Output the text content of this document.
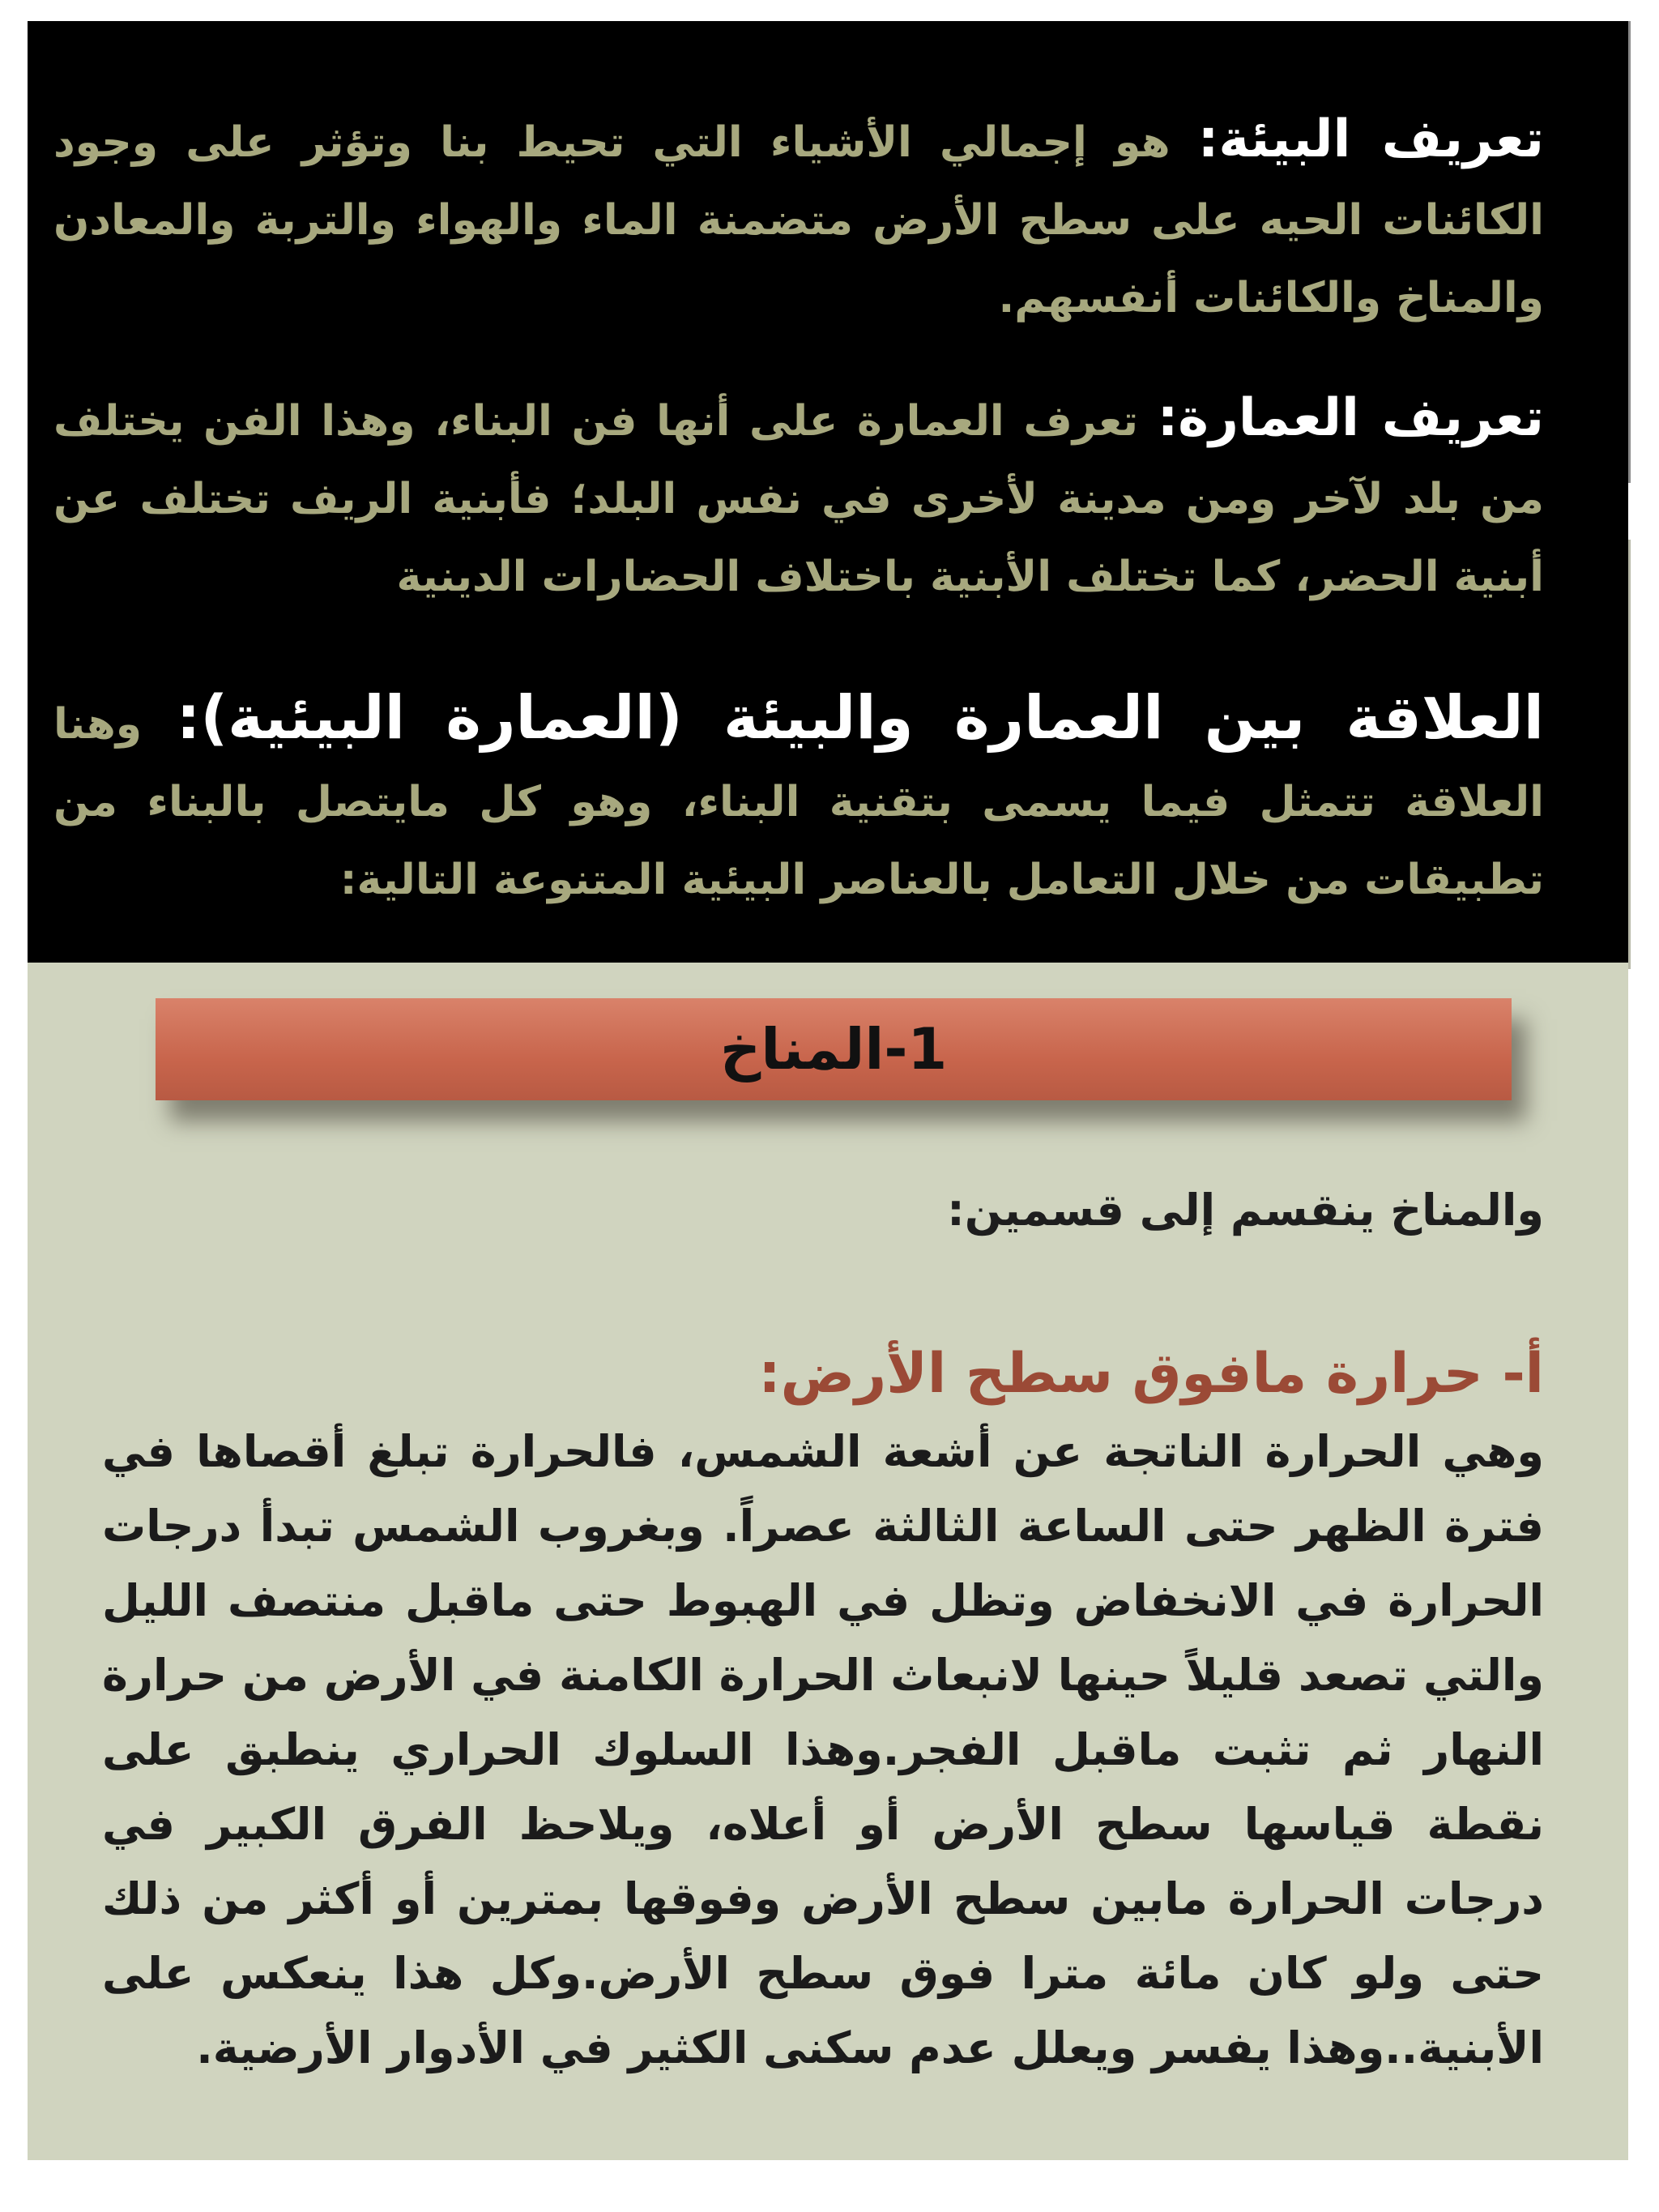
تعريف البيئة: هو إجمالي الأشياء التي تحيط بنا وتؤثر على وجود الكائنات الحيه على سطح الأرض متضمنة الماء والهواء والتربة والمعادن والمناخ والكائنات أنفسهم.

تعريف العمارة: تعرف العمارة على أنها فن البناء، وهذا الفن يختلف من بلد لآخر ومن مدينة لأخرى في نفس البلد؛ فأبنية الريف تختلف عن أبنية الحضر، كما تختلف الأبنية باختلاف الحضارات الدينية

العلاقة بين العمارة والبيئة (العمارة البيئية): وهنا العلاقة تتمثل فيما يسمى بتقنية البناء، وهو كل مايتصل بالبناء من تطبيقات من خلال التعامل بالعناصر البيئية المتنوعة التالية:

1-المناخ

والمناخ ينقسم إلى قسمين:

أ- حرارة مافوق سطح الأرض:

وهي الحرارة الناتجة عن أشعة الشمس، فالحرارة تبلغ أقصاها في فترة الظهر حتى الساعة الثالثة عصراً. وبغروب الشمس تبدأ درجات الحرارة في الانخفاض وتظل في الهبوط حتى ماقبل منتصف الليل والتي تصعد قليلاً حينها لانبعاث الحرارة الكامنة في الأرض من حرارة النهار ثم تثبت ماقبل الفجر.وهذا السلوك الحراري ينطبق على نقطة قياسها سطح الأرض أو أعلاه، ويلاحظ الفرق الكبير في درجات الحرارة مابين سطح الأرض وفوقها بمترين أو أكثر من ذلك حتى ولو كان مائة مترا فوق سطح الأرض.وكل هذا ينعكس على الأبنية..وهذا يفسر ويعلل عدم سكنى الكثير في الأدوار الأرضية.
